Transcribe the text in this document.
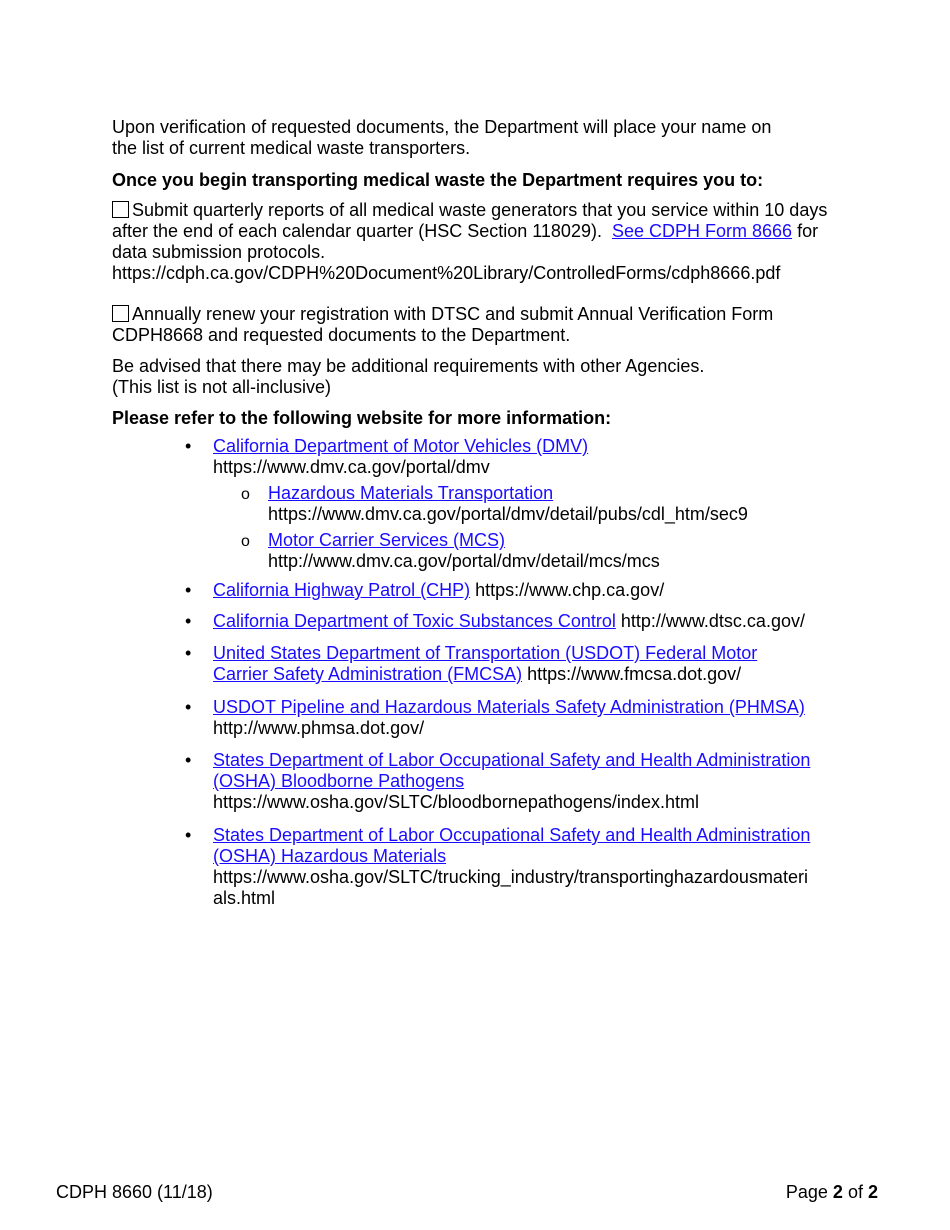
Upon verification of requested documents, the Department will place your name on
the list of current medical waste transporters.
Once you begin transporting medical waste the Department requires you to:
Submit quarterly reports of all medical waste generators that you service within 10 days
after the end of each calendar quarter (HSC Section 118029). See CDPH Form 8666 for
data submission protocols.
https://cdph.ca.gov/CDPH%20Document%20Library/ControlledForms/cdph8666.pdf
Annually renew your registration with DTSC and submit Annual Verification Form
CDPH8668 and requested documents to the Department.
Be advised that there may be additional requirements with other Agencies.
(This list is not all-inclusive)
Please refer to the following website for more information:
• California Department of Motor Vehicles (DMV)
https://www.dmv.ca.gov/portal/dmv
o Hazardous Materials Transportation
https://www.dmv.ca.gov/portal/dmv/detail/pubs/cdl_htm/sec9
o Motor Carrier Services (MCS)
http://www.dmv.ca.gov/portal/dmv/detail/mcs/mcs
• California Highway Patrol (CHP) https://www.chp.ca.gov/
• California Department of Toxic Substances Control http://www.dtsc.ca.gov/
• United States Department of Transportation (USDOT) Federal Motor
Carrier Safety Administration (FMCSA) https://www.fmcsa.dot.gov/
• USDOT Pipeline and Hazardous Materials Safety Administration (PHMSA)
http://www.phmsa.dot.gov/
• States Department of Labor Occupational Safety and Health Administration
(OSHA) Bloodborne Pathogens
https://www.osha.gov/SLTC/bloodbornepathogens/index.html
• States Department of Labor Occupational Safety and Health Administration
(OSHA) Hazardous Materials
https://www.osha.gov/SLTC/trucking_industry/transportinghazardousmateri
als.html
CDPH 8660 (11/18)	Page 2 of 2
